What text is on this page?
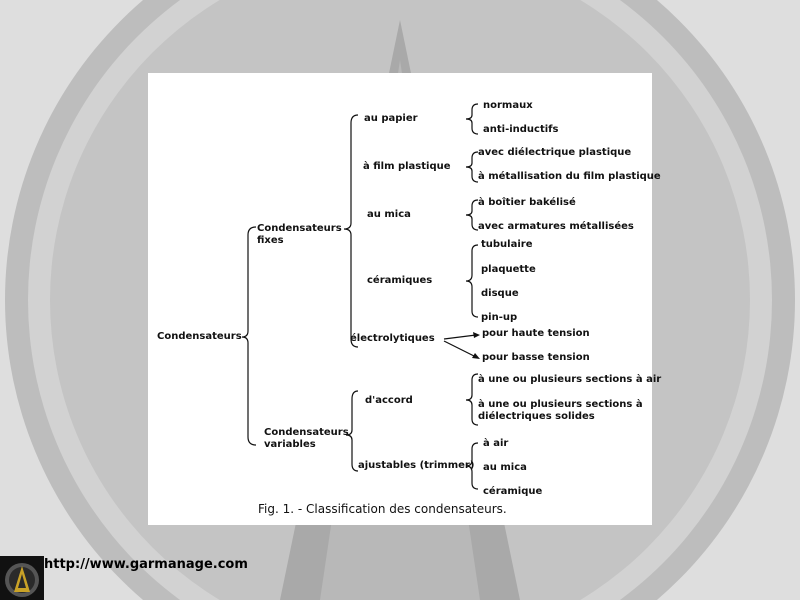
Condensateurs
Condensateurs
fixes
Condensateurs
variables
au papier
à film plastique
au mica
céramiques
électrolytiques
d'accord
ajustables (trimmer)
normaux
anti-inductifs
avec diélectrique plastique
à métallisation du film plastique
à boîtier bakélisé
avec armatures métallisées
tubulaire
plaquette
disque
pin-up
pour haute tension
pour basse tension
à une ou plusieurs sections à air
à une ou plusieurs sections à
diélectriques solides
à air
au mica
céramique
Fig. 1. - Classification des condensateurs.
http://www.garmanage.com
